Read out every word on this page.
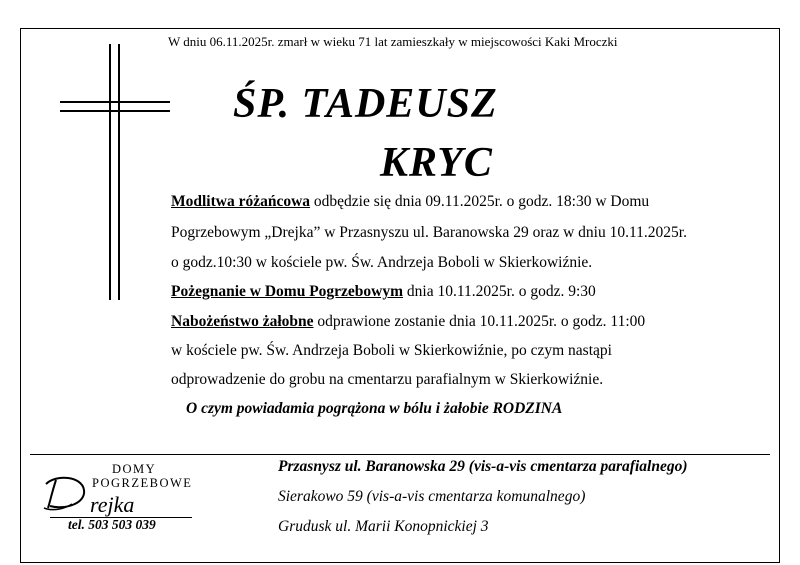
W dniu 06.11.2025r. zmarł w wieku 71 lat zamieszkały w miejscowości Kaki Mroczki
ŚP. TADEUSZ
KRYC
Modlitwa różańcowa odbędzie się dnia 09.11.2025r. o godz. 18:30 w Domu
Pogrzebowym „Drejka” w Przasnyszu ul. Baranowska 29 oraz w dniu 10.11.2025r.
o godz.10:30 w kościele pw. Św. Andrzeja Boboli w Skierkowiźnie.
Pożegnanie w Domu Pogrzebowym dnia 10.11.2025r. o godz. 9:30
Nabożeństwo żałobne odprawione zostanie dnia 10.11.2025r. o godz. 11:00
w kościele pw. Św. Andrzeja Boboli w Skierkowiźnie, po czym nastąpi
odprowadzenie do grobu na cmentarzu parafialnym w Skierkowiźnie.
O czym powiadamia pogrążona w bólu i żałobie RODZINA
DOMY
POGRZEBOWE
rejka
tel. 503 503 039
Przasnysz ul. Baranowska 29 (vis-a-vis cmentarza parafialnego)
Sierakowo 59 (vis-a-vis cmentarza komunalnego)
Grudusk ul. Marii Konopnickiej 3
